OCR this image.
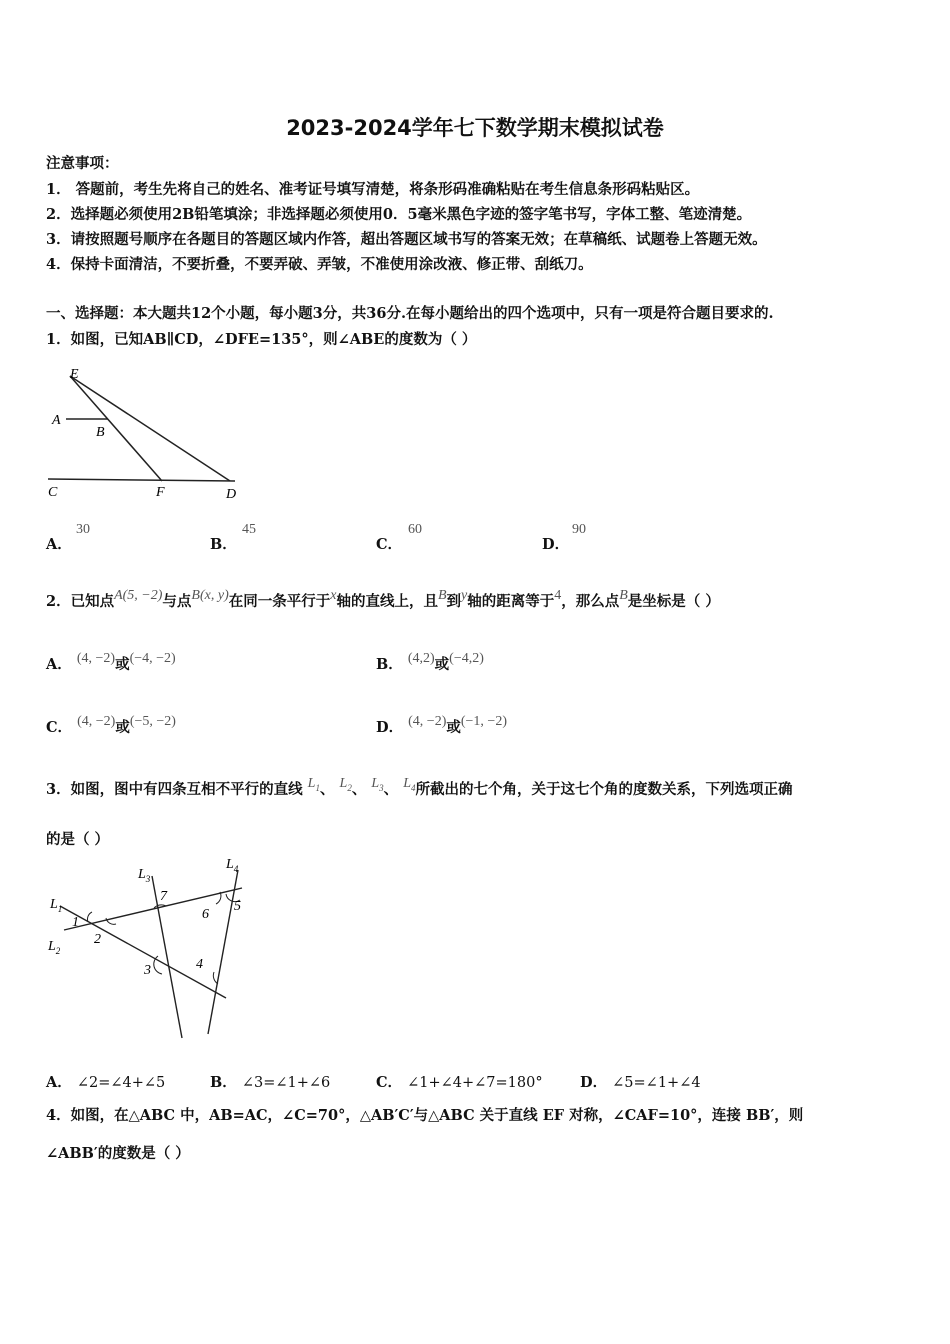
2023-2024学年七下数学期末模拟试卷
注意事项：
1． 答题前，考生先将自己的姓名、准考证号填写清楚，将条形码准确粘贴在考生信息条形码粘贴区。
2．选择题必须使用2B铅笔填涂；非选择题必须使用0．5毫米黑色字迹的签字笔书写，字体工整、笔迹清楚。
3．请按照题号顺序在各题目的答题区域内作答，超出答题区域书写的答案无效；在草稿纸、试题卷上答题无效。
4．保持卡面清洁，不要折叠，不要弄破、弄皱，不准使用涂改液、修正带、刮纸刀。
一、选择题：本大题共12个小题，每小题3分，共36分.在每小题给出的四个选项中，只有一项是符合题目要求的.
1．如图，已知AB∥CD，∠DFE=135°，则∠ABE的度数为（ ）
E
A
B
C	F	D
A．
30
B．
45
C．
60
D．
90
2．已知点A(5, −2)与点B(x, y)在同一条平行于x轴的直线上，且B到y轴的距离等于4，那么点B是坐标是（ ）
A． (4, −2)或(−4, −2)	B． (4,2)或(−4,2)
C． (4, −2)或(−5, −2)	D． (4, −2)或(−1, −2)
3．如图，图中有四条互相不平行的直线 $L_1$、 $L_2$、 $L_3$、 $L_4$所截出的七个角，关于这七个角的度数关系，下列选项正确
的是（ ）
$L_1$
$L_2$
$L_3$
$L_4$
1
2
3	4
5
6
7
A． ∠2=∠4+∠5	B． ∠3=∠1+∠6	C． ∠1+∠4+∠7=180°	D． ∠5=∠1+∠4
4．如图，在△ABC 中，AB=AC，∠C=70°，△AB′C′与△ABC 关于直线 EF 对称，∠CAF=10°，连接 BB′，则
∠ABB′的度数是（ ）
